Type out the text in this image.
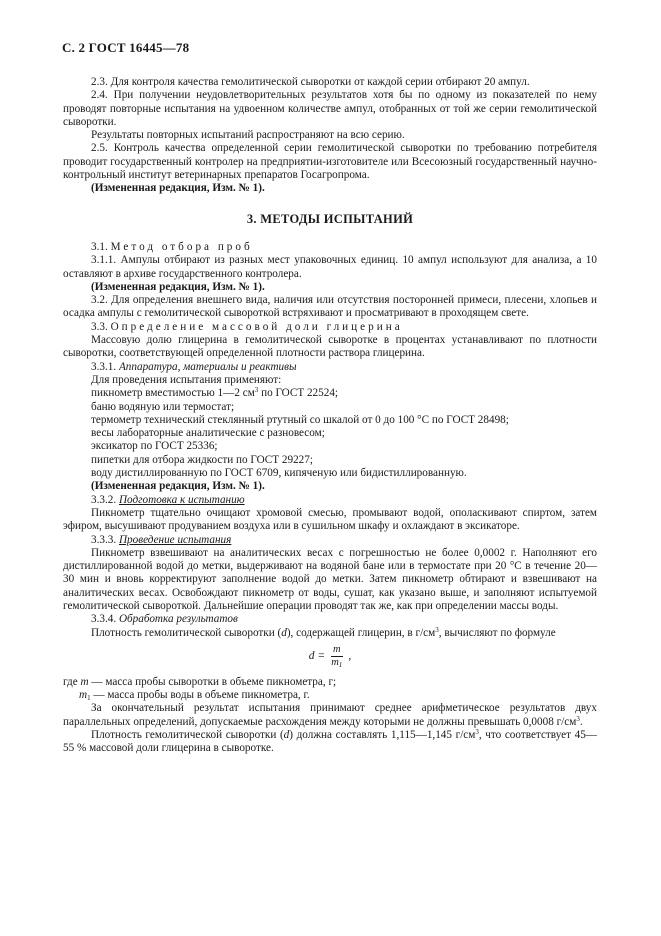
С. 2 ГОСТ 16445—78

2.3. Для контроля качества гемолитической сыворотки от каждой серии отбирают 20 ампул.

2.4. При получении неудовлетворительных результатов хотя бы по одному из показателей по нему проводят повторные испытания на удвоенном количестве ампул, отобранных от той же серии гемолитической сыворотки.

Результаты повторных испытаний распространяют на всю серию.

2.5. Контроль качества определенной серии гемолитической сыворотки по требованию потребителя проводит государственный контролер на предприятии-изготовителе или Всесоюзный государственный научно-контрольный институт ветеринарных препаратов Госагропрома.

(Измененная редакция, Изм. № 1).

3. МЕТОДЫ ИСПЫТАНИЙ

3.1. Метод отбора проб

3.1.1. Ампулы отбирают из разных мест упаковочных единиц. 10 ампул используют для анализа, а 10 оставляют в архиве государственного контролера.

(Измененная редакция, Изм. № 1).

3.2. Для определения внешнего вида, наличия или отсутствия посторонней примеси, плесени, хлопьев и осадка ампулы с гемолитической сывороткой встряхивают и просматривают в проходящем свете.

3.3. Определение массовой доли глицерина

Массовую долю глицерина в гемолитической сыворотке в процентах устанавливают по плотности сыворотки, соответствующей определенной плотности раствора глицерина.

3.3.1. Аппаратура, материалы и реактивы

Для проведения испытания применяют:

пикнометр вместимостью 1—2 $см^3$ по ГОСТ 22524;

баню водяную или термостат;

термометр технический стеклянный ртутный со шкалой от 0 до 100 °С по ГОСТ 28498;

весы лабораторные аналитические с разновесом;

эксикатор по ГОСТ 25336;

пипетки для отбора жидкости по ГОСТ 29227;

воду дистиллированную по ГОСТ 6709, кипяченую или бидистиллированную.

(Измененная редакция, Изм. № 1).

3.3.2. Подготовка к испытанию

Пикнометр тщательно очищают хромовой смесью, промывают водой, ополаскивают спиртом, затем эфиром, высушивают продуванием воздуха или в сушильном шкафу и охлаждают в эксикаторе.

3.3.3. Проведение испытания

Пикнометр взвешивают на аналитических весах с погрешностью не более 0,0002 г. Наполняют его дистиллированной водой до метки, выдерживают на водяной бане или в термостате при 20 °С в течение 20—30 мин и вновь корректируют заполнение водой до метки. Затем пикнометр обтирают и взвешивают на аналитических весах. Освобождают пикнометр от воды, сушат, как указано выше, и заполняют испытуемой гемолитической сывороткой. Дальнейшие операции проводят так же, как при определении массы воды.

3.3.4. Обработка результатов

Плотность гемолитической сыворотки (d), содержащей глицерин, в $г/см^3$, вычисляют по формуле

$d = \frac{m}{m_1}$ ,

где m — масса пробы сыворотки в объеме пикнометра, г;

$m_1$ — масса пробы воды в объеме пикнометра, г.

За окончательный результат испытания принимают среднее арифметическое результатов двух параллельных определений, допускаемые расхождения между которыми не должны превышать 0,0008 $г/см^3$.

Плотность гемолитической сыворотки (d) должна составлять 1,115—1,145 $г/см^3$, что соответствует 45—55 % массовой доли глицерина в сыворотке.
